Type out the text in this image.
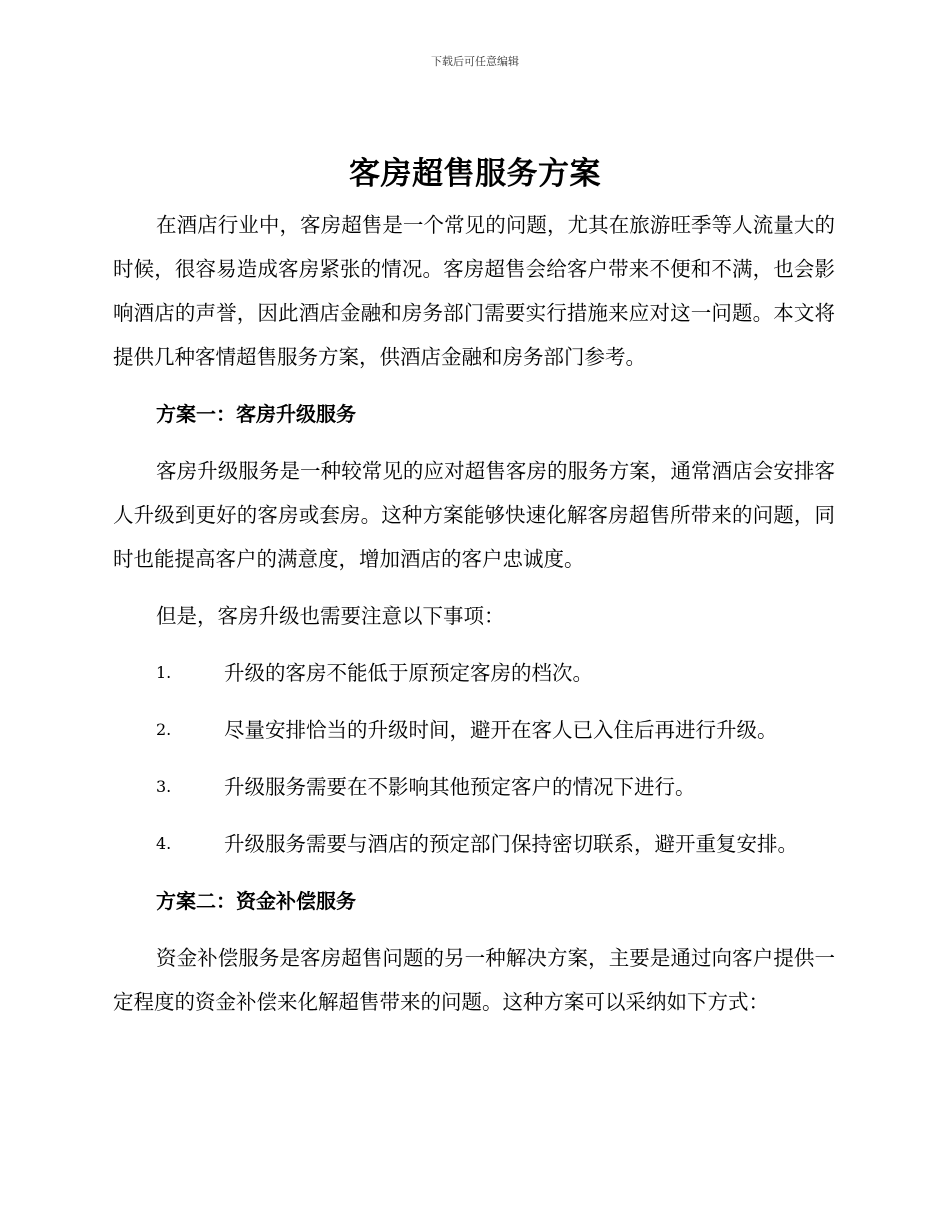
下载后可任意编辑
客房超售服务方案

在酒店行业中，客房超售是一个常见的问题，尤其在旅游旺季等人流量大的时候，很容易造成客房紧张的情况。客房超售会给客户带来不便和不满，也会影响酒店的声誉，因此酒店金融和房务部门需要实行措施来应对这一问题。本文将提供几种客情超售服务方案，供酒店金融和房务部门参考。

方案一：客房升级服务

客房升级服务是一种较常见的应对超售客房的服务方案，通常酒店会安排客人升级到更好的客房或套房。这种方案能够快速化解客房超售所带来的问题，同时也能提高客户的满意度，增加酒店的客户忠诚度。

但是，客房升级也需要注意以下事项：

1.	升级的客房不能低于原预定客房的档次。
2.	尽量安排恰当的升级时间，避开在客人已入住后再进行升级。
3.	升级服务需要在不影响其他预定客户的情况下进行。
4.	升级服务需要与酒店的预定部门保持密切联系，避开重复安排。
方案二：资金补偿服务

资金补偿服务是客房超售问题的另一种解决方案，主要是通过向客户提供一定程度的资金补偿来化解超售带来的问题。这种方案可以采纳如下方式：
